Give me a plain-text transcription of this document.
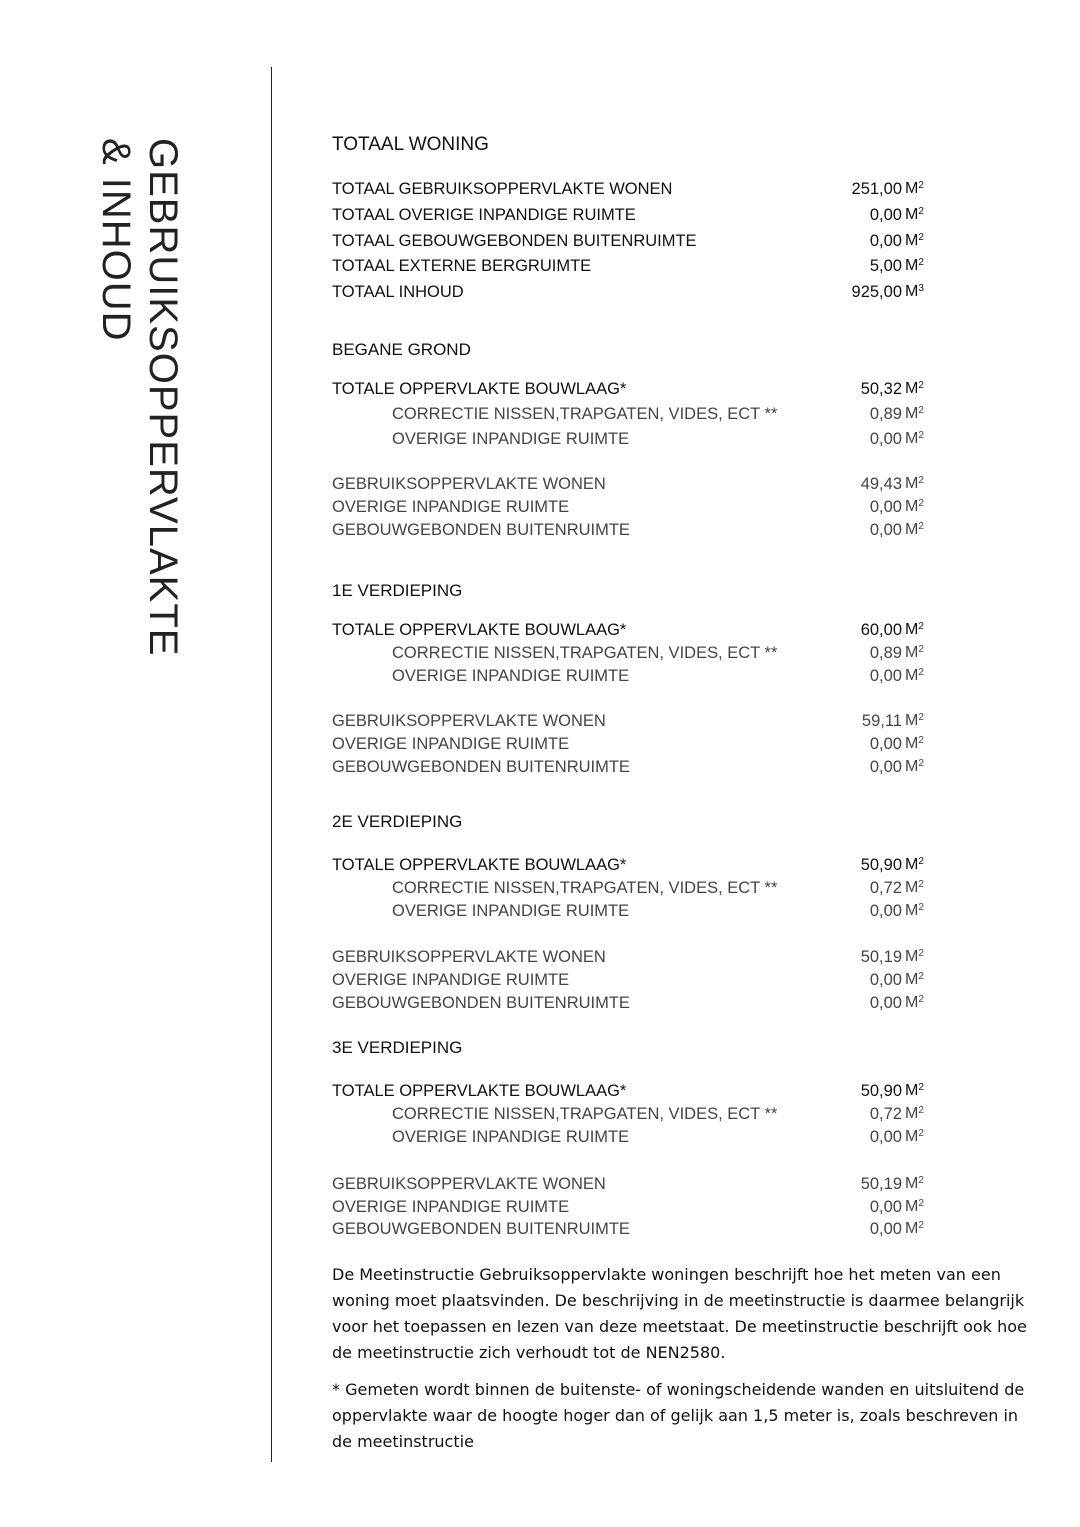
GEBRUIKSOPPERVLAKTE
& INHOUD	TOTAAL WONING
TOTAAL GEBRUIKSOPPERVLAKTE WONEN	251,00 $M^2$
TOTAAL OVERIGE INPANDIGE RUIMTE	0,00 $M^2$
TOTAAL GEBOUWGEBONDEN BUITENRUIMTE	0,00 $M^2$
TOTAAL EXTERNE BERGRUIMTE	5,00 $M^2$
TOTAAL INHOUD	925,00 $M^3$
BEGANE GROND
TOTALE OPPERVLAKTE BOUWLAAG*	50,32 $M^2$
CORRECTIE NISSEN,TRAPGATEN, VIDES, ECT **	0,89 $M^2$
OVERIGE INPANDIGE RUIMTE	0,00 $M^2$
GEBRUIKSOPPERVLAKTE WONEN	49,43 $M^2$
OVERIGE INPANDIGE RUIMTE	0,00 $M^2$
GEBOUWGEBONDEN BUITENRUIMTE	0,00 $M^2$
1E VERDIEPING
TOTALE OPPERVLAKTE BOUWLAAG*	60,00 $M^2$
CORRECTIE NISSEN,TRAPGATEN, VIDES, ECT **	0,89 $M^2$
OVERIGE INPANDIGE RUIMTE	0,00 $M^2$
GEBRUIKSOPPERVLAKTE WONEN	59,11 $M^2$
OVERIGE INPANDIGE RUIMTE	0,00 $M^2$
GEBOUWGEBONDEN BUITENRUIMTE	0,00 $M^2$
2E VERDIEPING
TOTALE OPPERVLAKTE BOUWLAAG*	50,90 $M^2$
CORRECTIE NISSEN,TRAPGATEN, VIDES, ECT **	0,72 $M^2$
OVERIGE INPANDIGE RUIMTE	0,00 $M^2$
GEBRUIKSOPPERVLAKTE WONEN	50,19 $M^2$
OVERIGE INPANDIGE RUIMTE	0,00 $M^2$
GEBOUWGEBONDEN BUITENRUIMTE	0,00 $M^2$
3E VERDIEPING
TOTALE OPPERVLAKTE BOUWLAAG*	50,90 $M^2$
CORRECTIE NISSEN,TRAPGATEN, VIDES, ECT **	0,72 $M^2$
OVERIGE INPANDIGE RUIMTE	0,00 $M^2$
GEBRUIKSOPPERVLAKTE WONEN	50,19 $M^2$
OVERIGE INPANDIGE RUIMTE	0,00 $M^2$
GEBOUWGEBONDEN BUITENRUIMTE	0,00 $M^2$
De Meetinstructie Gebruiksoppervlakte woningen beschrijft hoe het meten van een woning moet plaatsvinden. De beschrijving in de meetinstructie is daarmee belangrijk voor het toepassen en lezen van deze meetstaat. De meetinstructie beschrijft ook hoe de meetinstructie zich verhoudt tot de NEN2580.
* Gemeten wordt binnen de buitenste- of woningscheidende wanden en uitsluitend de oppervlakte waar de hoogte hoger dan of gelijk aan 1,5 meter is, zoals beschreven in de meetinstructie
